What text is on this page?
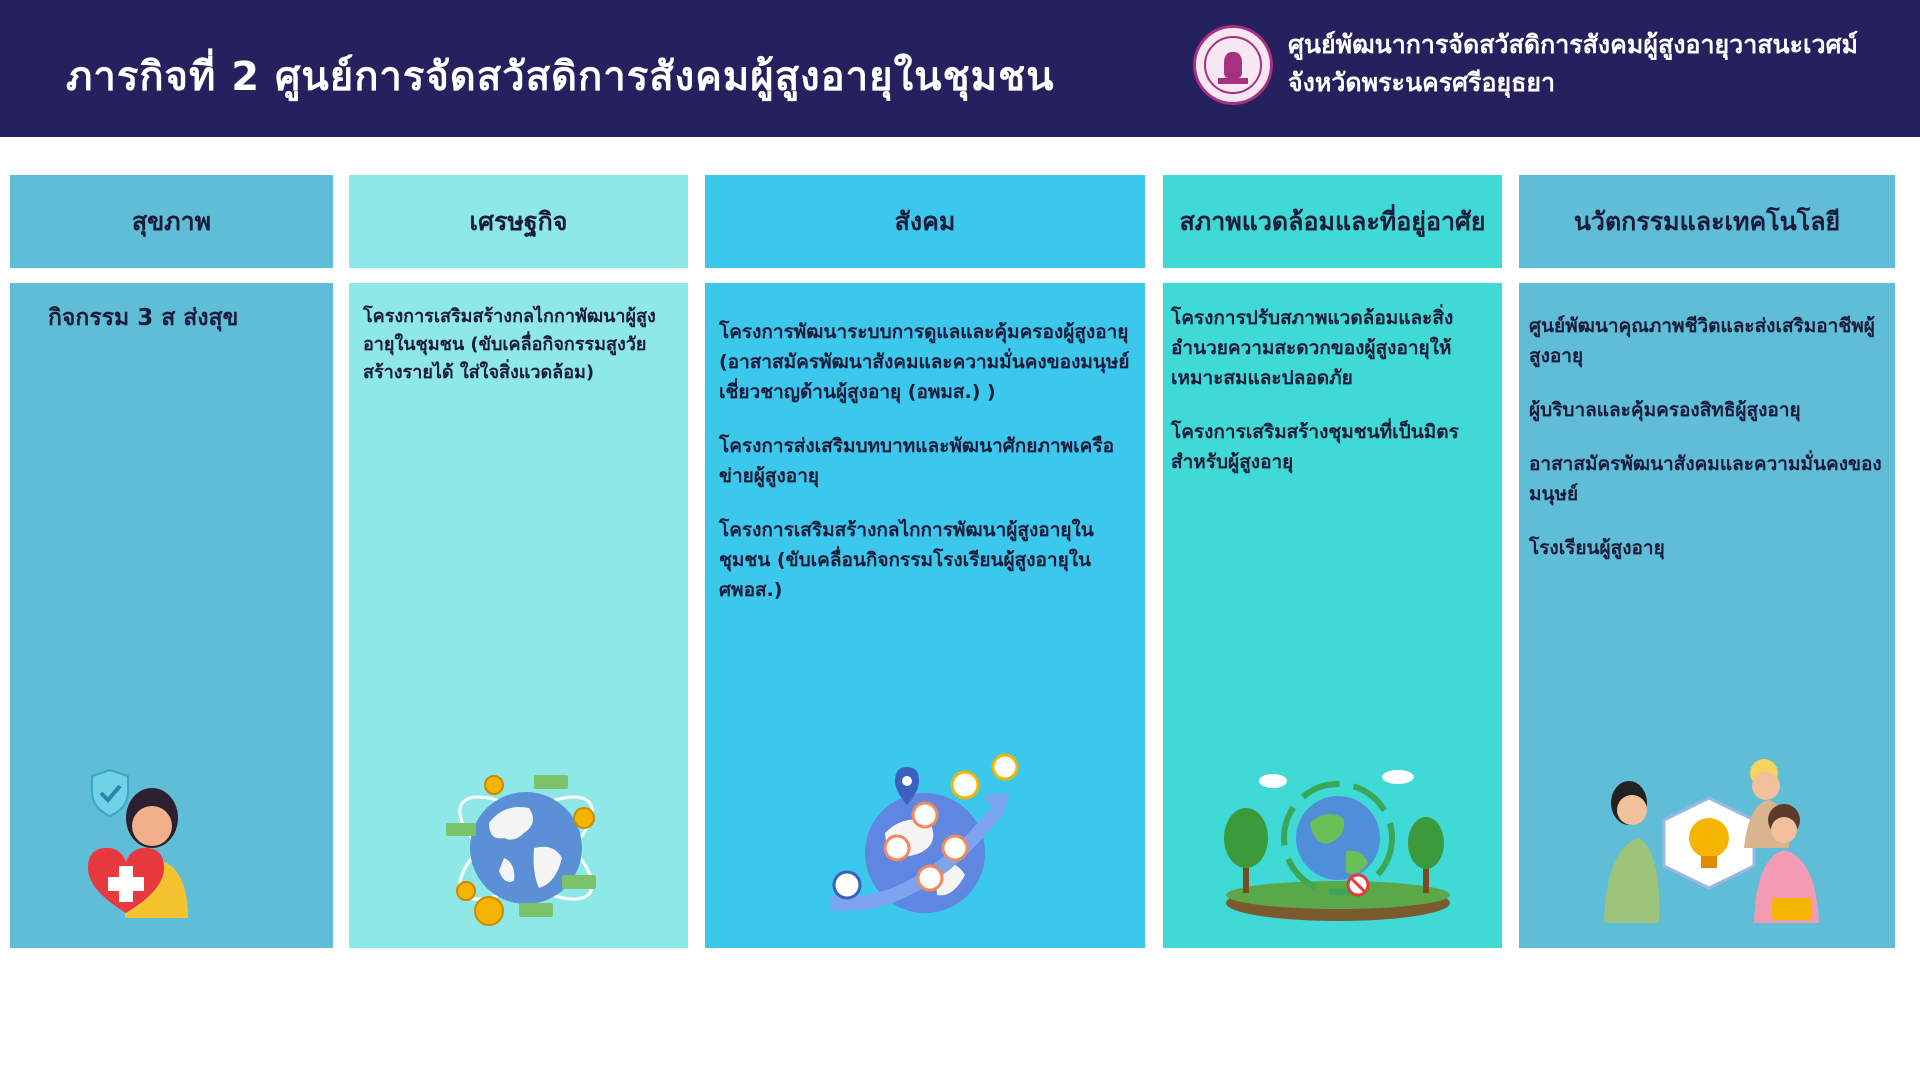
ภารกิจที่ 2 ศูนย์การจัดสวัสดิการสังคมผู้สูงอายุในชุมชน
ศูนย์พัฒนาการจัดสวัสดิการสังคมผู้สูงอายุวาสนะเวศม์
จังหวัดพระนครศรีอยุธยา
สุขภาพ
กิจกรรม 3 ส ส่งสุข
เศรษฐกิจ
โครงการเสริมสร้างกลไกกาพัฒนาผู้สูงอายุในชุมชน (ขับเคลื่อกิจกรรมสูงวัยสร้างรายได้ ใส่ใจสิ่งแวดล้อม)
สังคม
โครงการพัฒนาระบบการดูแลและคุ้มครองผู้สูงอายุ (อาสาสมัครพัฒนาสังคมและความมั่นคงของมนุษย์เชี่ยวชาญด้านผู้สูงอายุ (อพมส.) )
โครงการส่งเสริมบทบาทและพัฒนาศักยภาพเครือข่ายผู้สูงอายุ
โครงการเสริมสร้างกลไกการพัฒนาผู้สูงอายุในชุมชน (ขับเคลื่อนกิจกรรมโรงเรียนผู้สูงอายุใน ศพอส.)
สภาพแวดล้อมและที่อยู่อาศัย
โครงการปรับสภาพแวดล้อมและสิ่งอำนวยความสะดวกของผู้สูงอายุให้เหมาะสมและปลอดภัย
โครงการเสริมสร้างชุมชนที่เป็นมิตรสำหรับผู้สูงอายุ
นวัตกรรมและเทคโนโลยี
ศูนย์พัฒนาคุณภาพชีวิตและส่งเสริมอาชีพผู้สูงอายุ
ผู้บริบาลและคุ้มครองสิทธิผู้สูงอายุ
อาสาสมัครพัฒนาสังคมและความมั่นคงของมนุษย์
โรงเรียนผู้สูงอายุ
